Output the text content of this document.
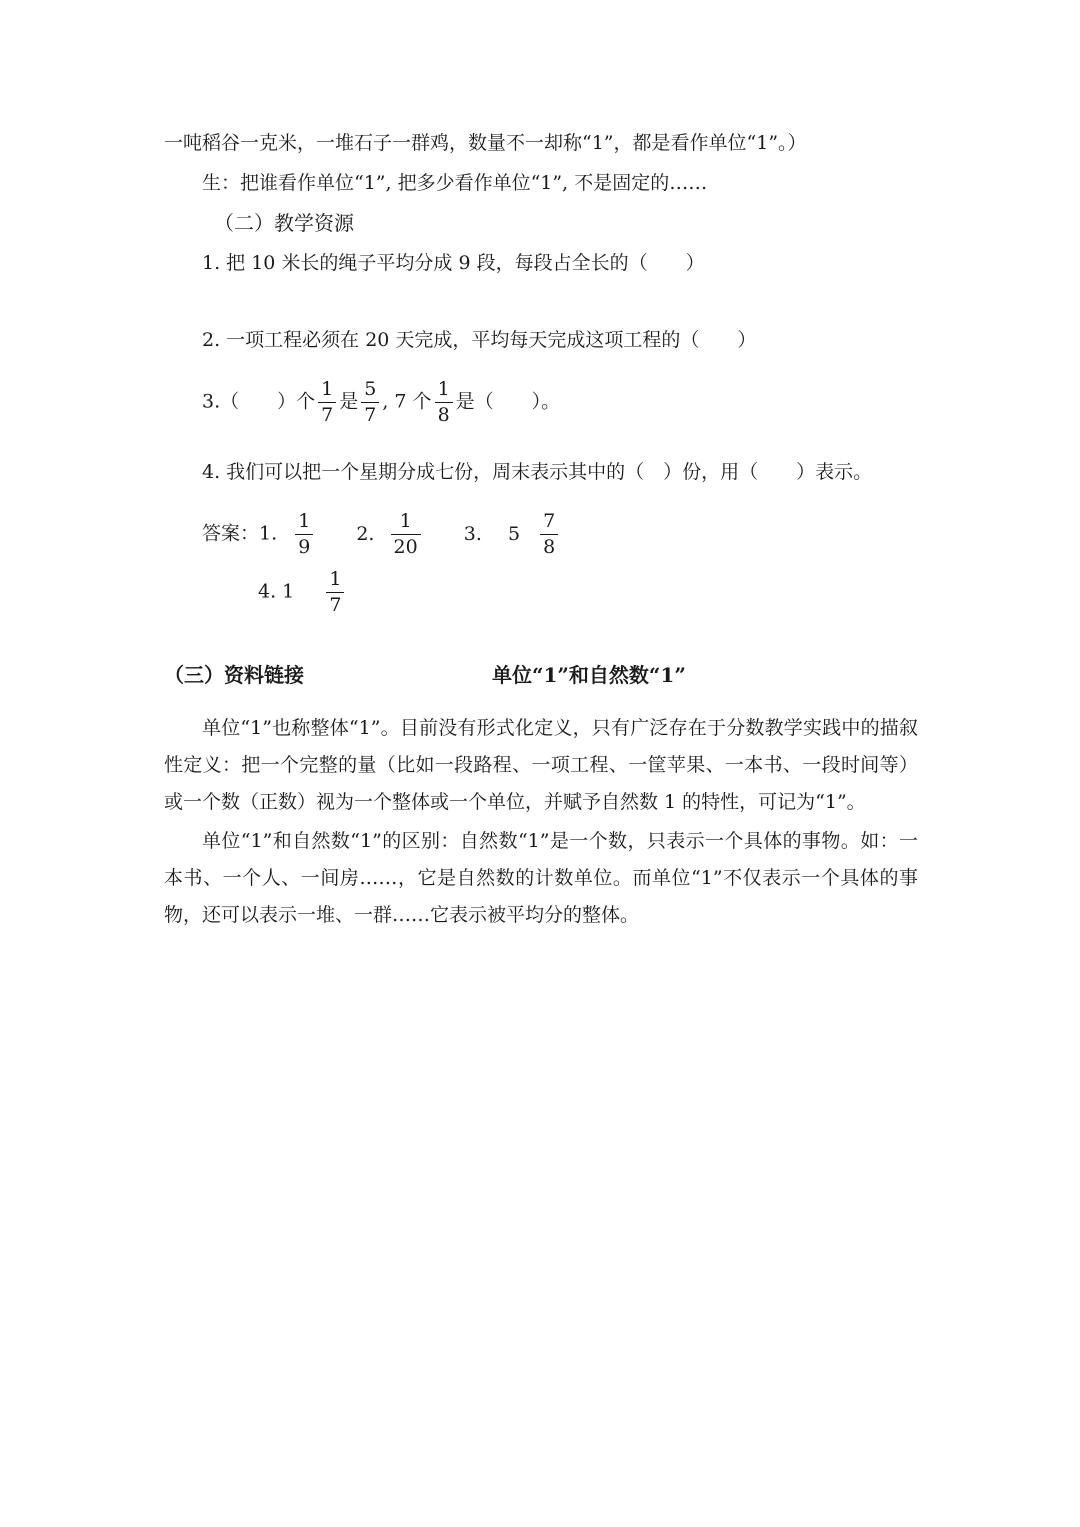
一吨稻谷一克米，一堆石子一群鸡，数量不一却称“1”，都是看作单位“1”。）
生：把谁看作单位“1”, 把多少看作单位“1”, 不是固定的……
（二）教学资源
1. 把 10 米长的绳子平均分成 9 段，每段占全长的（　　）
2. 一项工程必须在 20 天完成，平均每天完成这项工程的（　　）
3.（　　）个 $\frac{1}{7}$ 是 $\frac{5}{7}$ , 7 个 $\frac{1}{8}$ 是（　　）。
4. 我们可以把一个星期分成七份，周末表示其中的（　）份，用（　　）表示。
答案：1. $\frac{1}{9} 2$. $\frac{1}{20} 3$. $5 \frac{7}{8}$
4. $1 \frac{1}{7}$
（三）资料链接	单位“1”和自然数“1”

单位“1”也称整体“1”。目前没有形式化定义，只有广泛存在于分数教学实践中的描叙性定义：把一个完整的量（比如一段路程、一项工程、一筐苹果、一本书、一段时间等）或一个数（正数）视为一个整体或一个单位，并赋予自然数 1 的特性，可记为“1”。

单位“1”和自然数“1”的区别：自然数“1”是一个数，只表示一个具体的事物。如：一本书、一个人、一间房……，它是自然数的计数单位。而单位“1”不仅表示一个具体的事物，还可以表示一堆、一群……它表示被平均分的整体。
